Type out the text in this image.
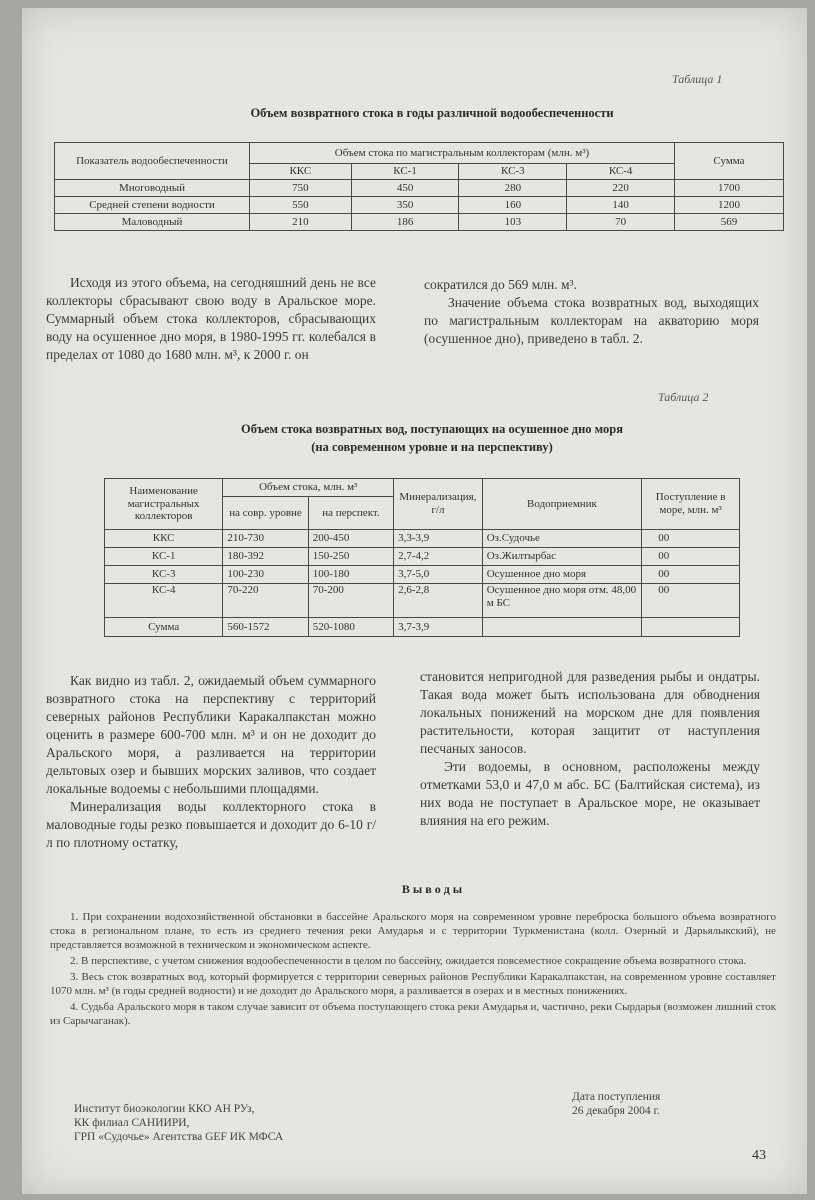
Таблица 1
Объем возвратного стока в годы различной водообеспеченности
Показатель водообеспеченности	Объем стока по магистральным коллекторам (млн. м³)				Сумма
	ККС	КС-1	КС-3	КС-4	
Многоводный	750	450	280	220	1700
Средней степени водности	550	350	160	140	1200
Маловодный	210	186	103	70	569

Исходя из этого объема, на сегодняшний день не все коллекторы сбрасывают свою воду в Аральское море. Суммарный объем стока коллекторов, сбрасывающих воду на осушенное дно моря, в 1980-1995 гг. колебался в пределах от 1080 до 1680 млн. м³, к 2000 г. он

сократился до 569 млн. м³.

Значение объема стока возвратных вод, выходящих по магистральным коллекторам на акваторию моря (осушенное дно), приведено в табл. 2.

Таблица 2
Объем стока возвратных вод, поступающих на осушенное дно моря
(на современном уровне и на перспективу)
Наименование магистральных коллекторов	Объем стока, млн. м³		Минерализация, г/л	Водоприемник	Поступление в море, млн. м³
	на совр. уровне	на перспект.			
ККС	210-730	200-450	3,3-3,9	Оз.Судочье	00
КС-1	180-392	150-250	2,7-4,2	Оз.Жилтырбас	00
КС-3	100-230	100-180	3,7-5,0	Осушенное дно моря	00
КС-4	70-220	70-200	2,6-2,8	Осушенное дно моря отм. 48,00 м БС	00
Сумма	560-1572	520-1080	3,7-3,9		

Как видно из табл. 2, ожидаемый объем суммарного возвратного стока на перспективу с территорий северных районов Республики Каракалпакстан можно оценить в размере 600-700 млн. м³ и он не доходит до Аральского моря, а разливается на территории дельтовых озер и бывших морских заливов, что создает локальные водоемы с небольшими площадями.

Минерализация воды коллекторного стока в маловодные годы резко повышается и доходит до 6-10 г/л по плотному остатку,

становится непригодной для разведения рыбы и ондатры. Такая вода может быть использована для обводнения локальных понижений на морском дне для появления растительности, которая защитит от наступления песчаных заносов.

Эти водоемы, в основном, расположены между отметками 53,0 и 47,0 м абс. БС (Балтийская система), из них вода не поступает в Аральское море, не оказывает влияния на его режим.

В ы в о д ы

1. При сохранении водохозяйственной обстановки в бассейне Аральского моря на современном уровне переброска большого объема возвратного стока в региональном плане, то есть из среднего течения реки Амударья и с территории Туркменистана (колл. Озерный и Дарьялыкский), не представляется возможной в техническом и экономическом аспекте.

2. В перспективе, с учетом снижения водообеспеченности в целом по бассейну, ожидается повсеместное сокращение объема возвратного стока.

3. Весь сток возвратных вод, который формируется с территории северных районов Республики Каракалпакстан, на современном уровне составляет 1070 млн. м³ (в годы средней водности) и не доходит до Аральского моря, а разливается в озерах и в местных понижениях.

4. Судьба Аральского моря в таком случае зависит от объема поступающего стока реки Амударья и, частично, реки Сырдарья (возможен лишний сток из Сарычаганак).

Институт биоэкологии ККО АН РУз,
КК филиал САНИИРИ,
ГРП «Судочье» Агентства GEF ИК МФСА
Дата поступления
26 декабря 2004 г.
43
